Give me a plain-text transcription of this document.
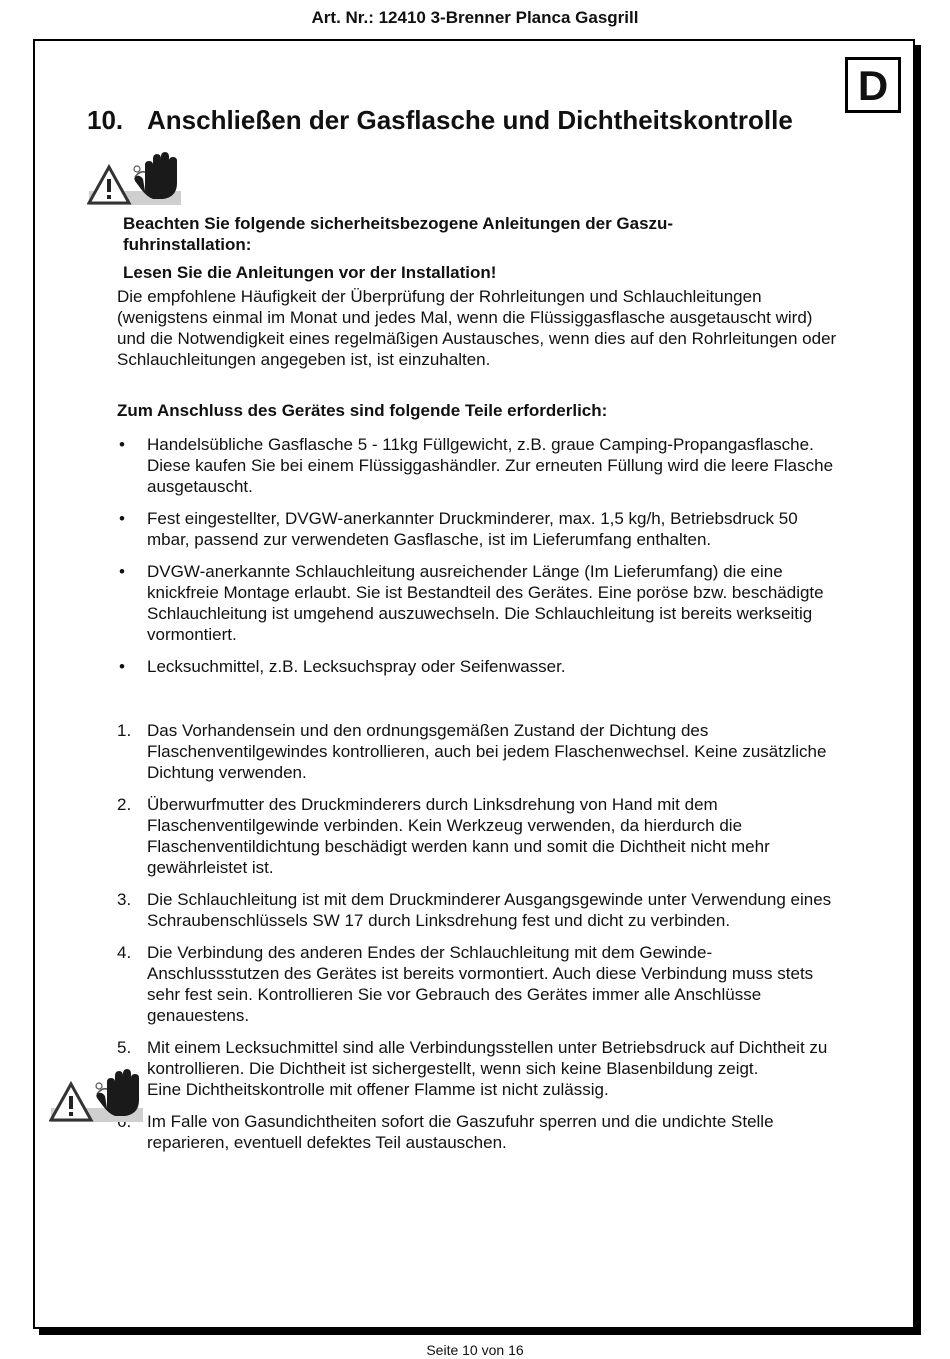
Art. Nr.: 12410 3-Brenner Planca Gasgrill
D
10. Anschließen der Gasflasche und Dichtheitskontrolle
Beachten Sie folgende sicherheitsbezogene Anleitungen der Gaszu-
fuhrinstallation:
Lesen Sie die Anleitungen vor der Installation!
Die empfohlene Häufigkeit der Überprüfung der Rohrleitungen und Schlauchleitungen (wenigstens einmal im Monat und jedes Mal, wenn die Flüssiggasflasche ausgetauscht wird) und die Notwendigkeit eines regelmäßigen Austausches, wenn dies auf den Rohrleitungen oder Schlauchleitungen angegeben ist, ist einzuhalten.
Zum Anschluss des Gerätes sind folgende Teile erforderlich:
•	Handelsübliche Gasflasche 5 - 11kg Füllgewicht, z.B. graue Camping-Propangasflasche. Diese kaufen Sie bei einem Flüssiggashändler. Zur erneuten Füllung wird die leere Flasche ausgetauscht.
•	Fest eingestellter, DVGW-anerkannter Druckminderer, max. 1,5 kg/h, Betriebsdruck 50 mbar, passend zur verwendeten Gasflasche, ist im Lieferumfang enthalten.
•	DVGW-anerkannte Schlauchleitung ausreichender Länge (Im Lieferumfang) die eine knickfreie Montage erlaubt. Sie ist Bestandteil des Gerätes. Eine poröse bzw. beschädigte Schlauchleitung ist umgehend auszuwechseln. Die Schlauchleitung ist bereits werkseitig vormontiert.
•	Lecksuchmittel, z.B. Lecksuchspray oder Seifenwasser.
1. Das Vorhandensein und den ordnungsgemäßen Zustand der Dichtung des Flaschenventilgewindes kontrollieren, auch bei jedem Flaschenwechsel. Keine zusätzliche Dichtung verwenden.
2. Überwurfmutter des Druckminderers durch Linksdrehung von Hand mit dem Flaschenventilgewinde verbinden. Kein Werkzeug verwenden, da hierdurch die Flaschenventildichtung beschädigt werden kann und somit die Dichtheit nicht mehr gewährleistet ist.
3. Die Schlauchleitung ist mit dem Druckminderer Ausgangsgewinde unter Verwendung eines Schraubenschlüssels SW 17 durch Linksdrehung fest und dicht zu verbinden.
4. Die Verbindung des anderen Endes der Schlauchleitung mit dem Gewinde-Anschlussstutzen des Gerätes ist bereits vormontiert. Auch diese Verbindung muss stets sehr fest sein. Kontrollieren Sie vor Gebrauch des Gerätes immer alle Anschlüsse genauestens.
5. Mit einem Lecksuchmittel sind alle Verbindungsstellen unter Betriebsdruck auf Dichtheit zu kontrollieren. Die Dichtheit ist sichergestellt, wenn sich keine Blasenbildung zeigt.
Eine Dichtheitskontrolle mit offener Flamme ist nicht zulässig.
Im Falle von Gasundichtheiten sofort die Gaszufuhr sperren und die undichte Stelle reparieren, eventuell defektes Teil austauschen.
Seite 10 von 16
